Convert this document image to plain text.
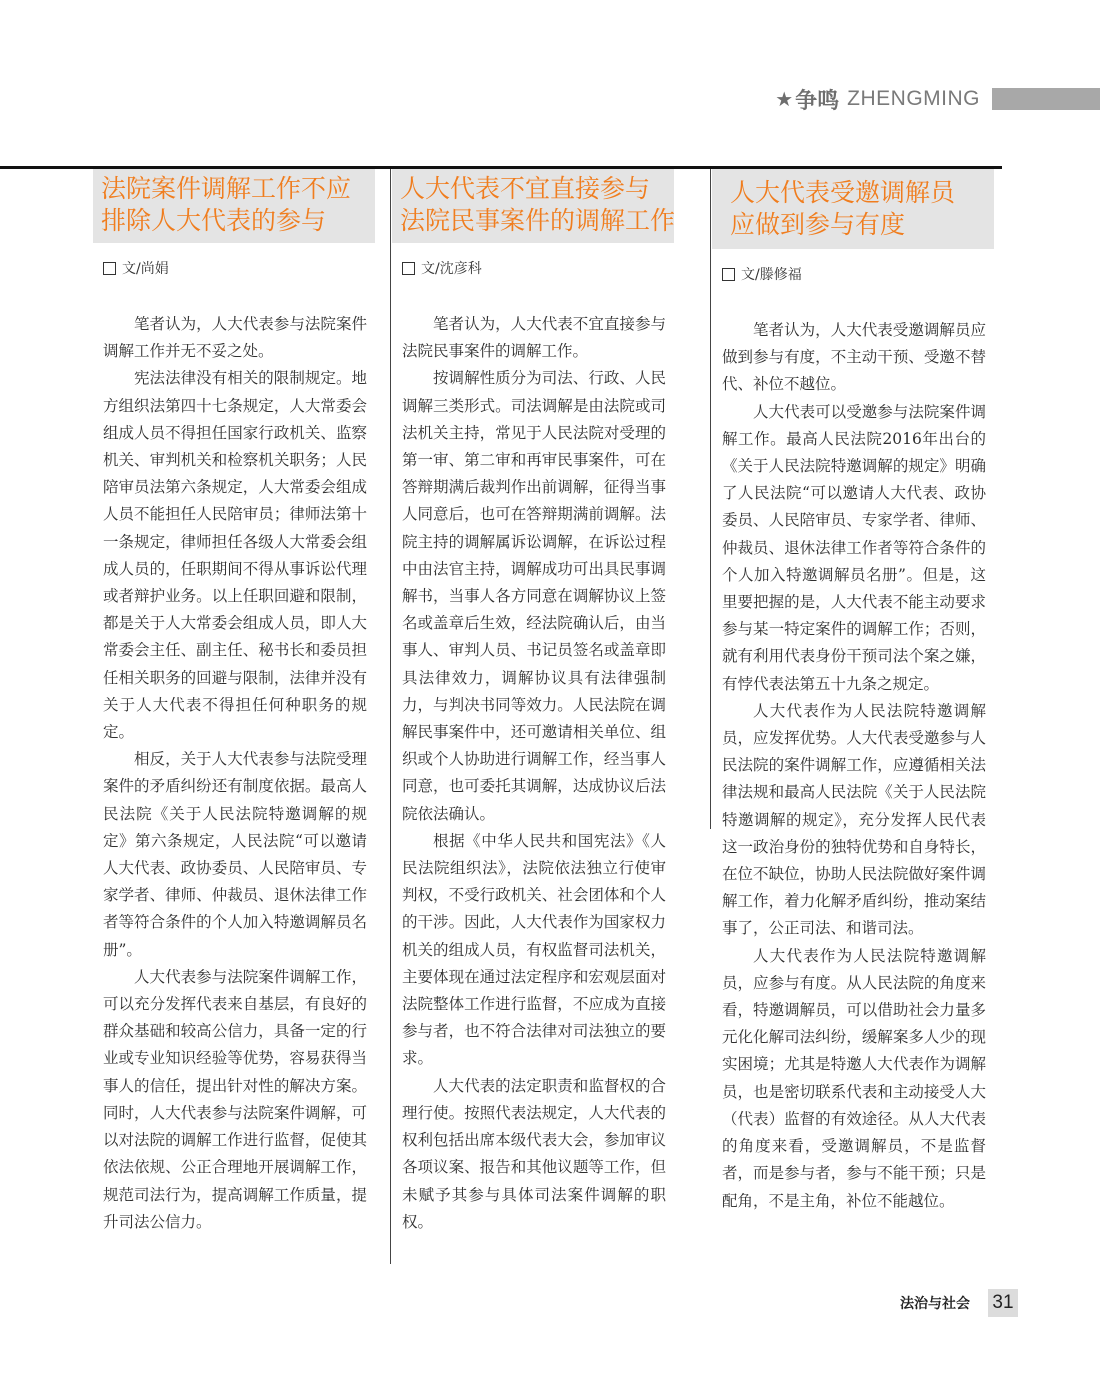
★ 争鸣 ZHENGMING
法院案件调解工作不应
排除人大代表的参与
文/尚娟

笔者认为，人大代表参与法院案件调解工作并无不妥之处。

宪法法律没有相关的限制规定。地方组织法第四十七条规定，人大常委会组成人员不得担任国家行政机关、监察机关、审判机关和检察机关职务；人民陪审员法第六条规定，人大常委会组成人员不能担任人民陪审员；律师法第十一条规定，律师担任各级人大常委会组成人员的，任职期间不得从事诉讼代理或者辩护业务。以上任职回避和限制，都是关于人大常委会组成人员，即人大常委会主任、副主任、秘书长和委员担任相关职务的回避与限制，法律并没有关于人大代表不得担任何种职务的规定。

相反，关于人大代表参与法院受理案件的矛盾纠纷还有制度依据。最高人民法院《关于人民法院特邀调解的规定》第六条规定，人民法院“可以邀请人大代表、政协委员、人民陪审员、专家学者、律师、仲裁员、退休法律工作者等符合条件的个人加入特邀调解员名册”。

人大代表参与法院案件调解工作，可以充分发挥代表来自基层，有良好的群众基础和较高公信力，具备一定的行业或专业知识经验等优势，容易获得当事人的信任，提出针对性的解决方案。同时，人大代表参与法院案件调解，可以对法院的调解工作进行监督，促使其依法依规、公正合理地开展调解工作，规范司法行为，提高调解工作质量，提升司法公信力。

人大代表不宜直接参与
法院民事案件的调解工作
文/沈彦科

笔者认为，人大代表不宜直接参与法院民事案件的调解工作。

按调解性质分为司法、行政、人民调解三类形式。司法调解是由法院或司法机关主持，常见于人民法院对受理的第一审、第二审和再审民事案件，可在答辩期满后裁判作出前调解，征得当事人同意后，也可在答辩期满前调解。法院主持的调解属诉讼调解，在诉讼过程中由法官主持，调解成功可出具民事调解书，当事人各方同意在调解协议上签名或盖章后生效，经法院确认后，由当事人、审判人员、书记员签名或盖章即具法律效力，调解协议具有法律强制力，与判决书同等效力。人民法院在调解民事案件中，还可邀请相关单位、组织或个人协助进行调解工作，经当事人同意，也可委托其调解，达成协议后法院依法确认。

根据《中华人民共和国宪法》《人民法院组织法》，法院依法独立行使审判权，不受行政机关、社会团体和个人的干涉。因此，人大代表作为国家权力机关的组成人员，有权监督司法机关，主要体现在通过法定程序和宏观层面对法院整体工作进行监督，不应成为直接参与者，也不符合法律对司法独立的要求。

人大代表的法定职责和监督权的合理行使。按照代表法规定，人大代表的权利包括出席本级代表大会，参加审议各项议案、报告和其他议题等工作，但未赋予其参与具体司法案件调解的职权。

人大代表受邀调解员
应做到参与有度
文/滕修福

笔者认为，人大代表受邀调解员应做到参与有度，不主动干预、受邀不替代、补位不越位。

人大代表可以受邀参与法院案件调解工作。最高人民法院2016年出台的《关于人民法院特邀调解的规定》明确了人民法院“可以邀请人大代表、政协委员、人民陪审员、专家学者、律师、仲裁员、退休法律工作者等符合条件的个人加入特邀调解员名册”。但是，这里要把握的是，人大代表不能主动要求参与某一特定案件的调解工作；否则，就有利用代表身份干预司法个案之嫌，有悖代表法第五十九条之规定。

人大代表作为人民法院特邀调解员，应发挥优势。人大代表受邀参与人民法院的案件调解工作，应遵循相关法律法规和最高人民法院《关于人民法院特邀调解的规定》，充分发挥人民代表这一政治身份的独特优势和自身特长，在位不缺位，协助人民法院做好案件调解工作，着力化解矛盾纠纷，推动案结事了，公正司法、和谐司法。

人大代表作为人民法院特邀调解员，应参与有度。从人民法院的角度来看，特邀调解员，可以借助社会力量多元化化解司法纠纷，缓解案多人少的现实困境；尤其是特邀人大代表作为调解员，也是密切联系代表和主动接受人大（代表）监督的有效途径。从人大代表的角度来看，受邀调解员，不是监督者，而是参与者，参与不能干预；只是配角，不是主角，补位不能越位。

法治与社会 31
